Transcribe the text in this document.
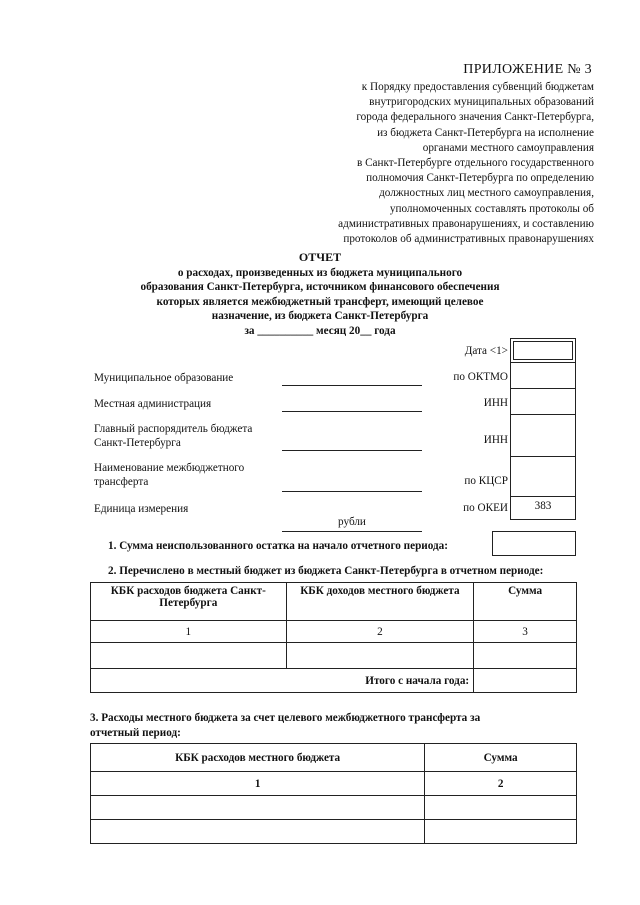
ПРИЛОЖЕНИЕ № 3
к Порядку предоставления субвенций бюджетам
внутригородских муниципальных образований
города федерального значения Санкт-Петербурга,
из бюджета Санкт-Петербурга на исполнение
органами местного самоуправления
в Санкт-Петербурге отдельного государственного
полномочия Санкт-Петербурга по определению
должностных лиц местного самоуправления,
уполномоченных составлять протоколы об
административных правонарушениях, и составлению
протоколов об административных правонарушениях
ОТЧЕТ
о расходах, произведенных из бюджета муниципального
образования Санкт-Петербурга, источником финансового обеспечения
которых является межбюджетный трансферт, имеющий целевое
назначение, из бюджета Санкт-Петербурга
за __________ месяц 20__ года
Дата <1>
Муниципальное образование	по ОКТМО
Местная администрация	ИНН
Главный распорядитель бюджета
Санкт-Петербурга	ИНН
Наименование межбюджетного
трансферта	по КЦСР
Единица измерения
рубли
по ОКЕИ	383
1. Сумма неиспользованного остатка на начало отчетного периода:
2. Перечислено в местный бюджет из бюджета Санкт-Петербурга в отчетном периоде:
КБК расходов бюджета Санкт-Петербурга	КБК доходов местного бюджета	Сумма
1	2	3

Итого с начала года:		
3. Расходы местного бюджета за счет целевого межбюджетного трансферта за
отчетный период:
КБК расходов местного бюджета	Сумма
1	2
